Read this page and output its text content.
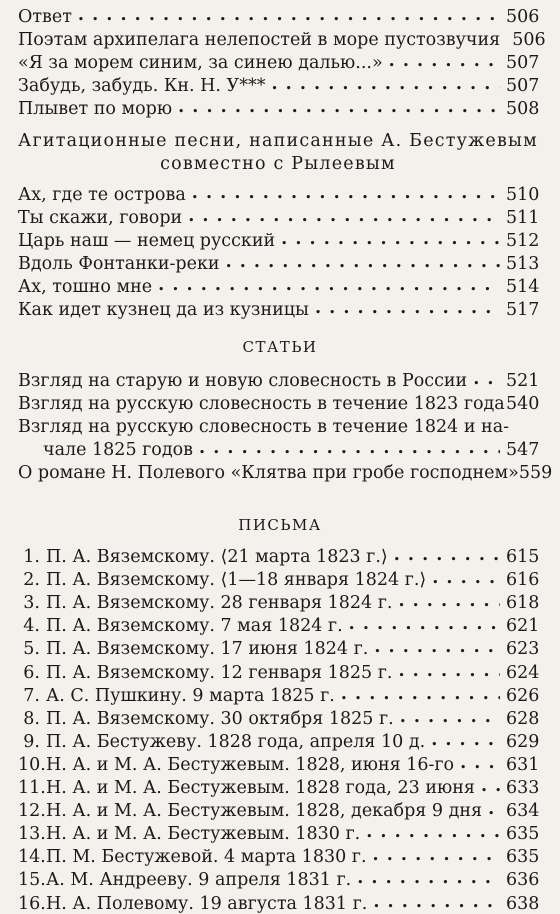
Ответ . . .	506
Поэтам архипелага нелепостей в море пустозвучия 506
«Я за морем синим, за синею далью...» . . .	507
Забудь, забудь. Кн. Н. У*** . . .	507
Плывет по морю . . .	508
Агитационные песни, написанные А. Бестужевым
совместно с Рылеевым
Ах, где те острова . . .	510
Ты скажи, говори . . .	511
Царь наш — немец русский . . .	512
Вдоль Фонтанки-реки . . .	513
Ах, тошно мне . . .	514
Как идет кузнец да из кузницы . . .	517
СТАТЬИ
Взгляд на старую и новую словесность в России . . . 521
Взгляд на русскую словесность в течение 1823 года 540
Взгляд на русскую словесность в течение 1824 и на-
чале 1825 годов . . .	547
О романе Н. Полевого «Клятва при гробе господнем» 559
ПИСЬМА
1. П. А. Вяземскому. ⟨21 марта 1823 г.⟩ . . .	615
2. П. А. Вяземскому. ⟨1—18 января 1824 г.⟩ . . .	616
3. П. А. Вяземскому. 28 генваря 1824 г. . . .	618
4. П. А. Вяземскому. 7 мая 1824 г. . . .	621
5. П. А. Вяземскому. 17 июня 1824 г. . . .	623
6. П. А. Вяземскому. 12 генваря 1825 г. . . .	624
7. А. С. Пушкину. 9 марта 1825 г. . . .	626
8. П. А. Вяземскому. 30 октября 1825 г. . . .	628
9. П. А. Бестужеву. 1828 года, апреля 10 д. . . .	629
10.Н. А. и М. А. Бестужевым. 1828, июня 16-го . . .	631
11.Н. А. и М. А. Бестужевым. 1828 года, 23 июня . . . 633
12.Н. А. и М. А. Бестужевым. 1828, декабря 9 дня . . . 634
13.Н. А. и М. А. Бестужевым. 1830 г. . . .	635
14.П. М. Бестужевой. 4 марта 1830 г. . . .	635
15.А. М. Андрееву. 9 апреля 1831 г. . . .	636
16.Н. А. Полевому. 19 августа 1831 г. . . .	638
